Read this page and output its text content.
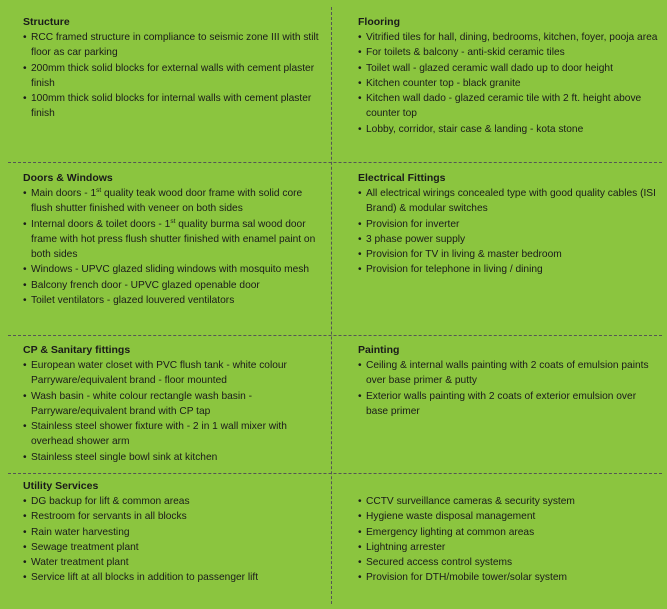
Structure
• RCC framed structure in compliance to seismic zone III with stilt floor as car parking
• 200mm thick solid blocks for external walls with cement plaster finish
• 100mm thick solid blocks for internal walls with cement plaster finish
Flooring
• Vitrified tiles for hall, dining, bedrooms, kitchen, foyer, pooja area
• For toilets & balcony - anti-skid ceramic tiles
• Toilet wall - glazed ceramic wall dado up to door height
• Kitchen counter top - black granite
• Kitchen wall dado - glazed ceramic tile with 2 ft. height above counter top
• Lobby, corridor, stair case & landing - kota stone
Doors & Windows
• Main doors - 1st quality teak wood door frame with solid core flush shutter finished with veneer on both sides
• Internal doors & toilet doors - 1st quality burma sal wood door frame with hot press flush shutter finished with enamel paint on both sides
• Windows - UPVC glazed sliding windows with mosquito mesh
• Balcony french door - UPVC glazed openable door
• Toilet ventilators - glazed louvered ventilators
Electrical Fittings
• All electrical wirings concealed type with good quality cables (ISI Brand) & modular switches
• Provision for inverter
• 3 phase power supply
• Provision for TV in living & master bedroom
• Provision for telephone in living / dining
CP & Sanitary fittings
• European water closet with PVC flush tank - white colour Parryware/equivalent brand - floor mounted
• Wash basin - white colour rectangle wash basin - Parryware/equivalent brand with CP tap
• Stainless steel shower fixture with - 2 in 1 wall mixer with overhead shower arm
• Stainless steel single bowl sink at kitchen
Painting
• Ceiling & internal walls painting with 2 coats of emulsion paints over base primer & putty
• Exterior walls painting with 2 coats of exterior emulsion over base primer
Utility Services
• DG backup for lift & common areas
• Restroom for servants in all blocks
• Rain water harvesting
• Sewage treatment plant
• Water treatment plant
• Service lift at all blocks in addition to passenger lift
• CCTV surveillance cameras & security system
• Hygiene waste disposal management
• Emergency lighting at common areas
• Lightning arrester
• Secured access control systems
• Provision for DTH/mobile tower/solar system
